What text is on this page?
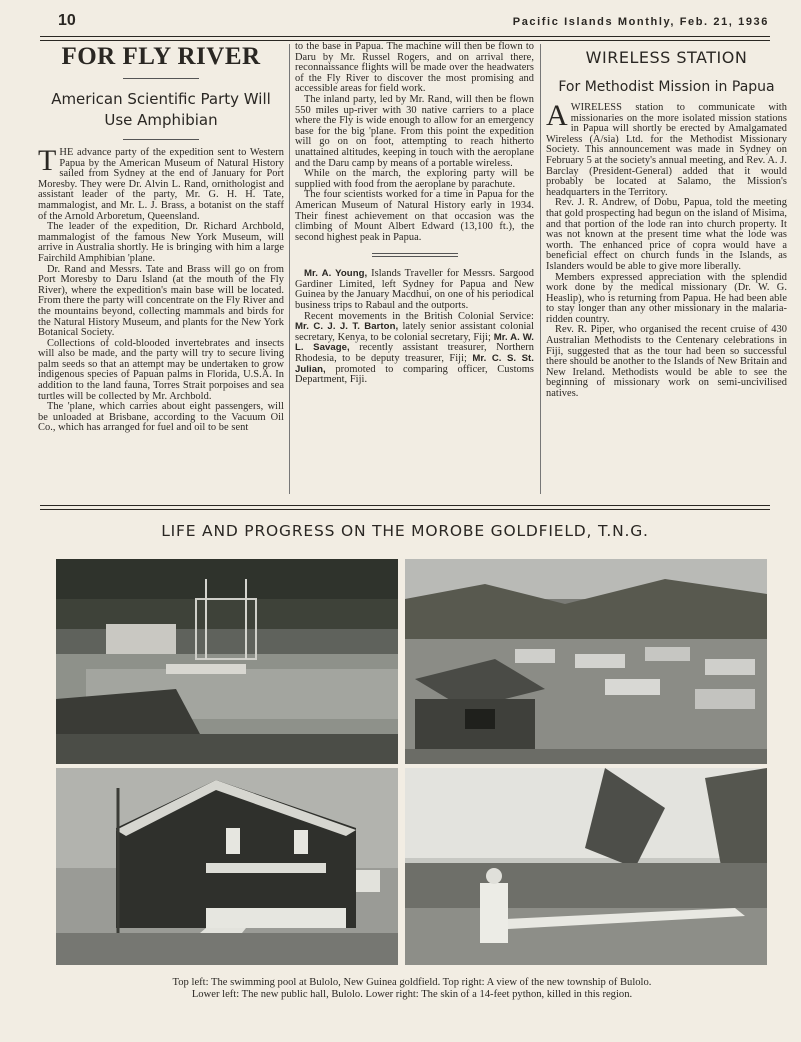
10	Pacific Islands Monthly, Feb. 21, 1936
FOR FLY RIVER
American Scientific Party Will Use Amphibian

THE advance party of the expedition sent to Western Papua by the American Museum of Natural History sailed from Sydney at the end of January for Port Moresby. They were Dr. Alvin L. Rand, ornithologist and assistant leader of the party, Mr. G. H. H. Tate, mammalogist, and Mr. L. J. Brass, a botanist on the staff of the Arnold Arboretum, Queensland.

The leader of the expedition, Dr. Richard Archbold, mammalogist of the famous New York Museum, will arrive in Australia shortly. He is bringing with him a large Fairchild Amphibian 'plane.

Dr. Rand and Messrs. Tate and Brass will go on from Port Moresby to Daru Island (at the mouth of the Fly River), where the expedition's main base will be located. From there the party will concentrate on the Fly River and the mountains beyond, collecting mammals and birds for the Natural History Museum, and plants for the New York Botanical Society.

Collections of cold-blooded invertebrates and insects will also be made, and the party will try to secure living palm seeds so that an attempt may be undertaken to grow indigenous species of Papuan palms in Florida, U.S.A. In addition to the land fauna, Torres Strait porpoises and sea turtles will be collected by Mr. Archbold.

The 'plane, which carries about eight passengers, will be unloaded at Brisbane, according to the Vacuum Oil Co., which has arranged for fuel and oil to be sent

to the base in Papua. The machine will then be flown to Daru by Mr. Russel Rogers, and on arrival there, reconnaissance flights will be made over the headwaters of the Fly River to discover the most promising and accessible areas for field work.

The inland party, led by Mr. Rand, will then be flown 550 miles up-river with 30 native carriers to a place where the Fly is wide enough to allow for an emergency base for the big 'plane. From this point the expedition will go on on foot, attempting to reach hitherto unattained altitudes, keeping in touch with the aeroplane and the Daru camp by means of a portable wireless.

While on the march, the exploring party will be supplied with food from the aeroplane by parachute.

The four scientists worked for a time in Papua for the American Museum of Natural History early in 1934. Their finest achievement on that occasion was the climbing of Mount Albert Edward (13,100 ft.), the second highest peak in Papua.

Mr. A. Young, Islands Traveller for Messrs. Sargood Gardiner Limited, left Sydney for Papua and New Guinea by the January Macdhui, on one of his periodical business trips to Rabaul and the outports.

Recent movements in the British Colonial Service: Mr. C. J. J. T. Barton, lately senior assistant colonial secretary, Kenya, to be colonial secretary, Fiji; Mr. A. W. L. Savage, recently assistant treasurer, Northern Rhodesia, to be deputy treasurer, Fiji; Mr. C. S. St. Julian, promoted to comparing officer, Customs Department, Fiji.

WIRELESS STATION
For Methodist Mission in Papua

A WIRELESS station to communicate with missionaries on the more isolated mission stations in Papua will shortly be erected by Amalgamated Wireless (A/sia) Ltd. for the Methodist Missionary Society. This announcement was made in Sydney on February 5 at the society's annual meeting, and Rev. A. J. Barclay (President-General) added that it would probably be located at Salamo, the Mission's headquarters in the Territory.

Rev. J. R. Andrew, of Dobu, Papua, told the meeting that gold prospecting had begun on the island of Misima, and that portion of the lode ran into church property. It was not known at the present time what the lode was worth. The enhanced price of copra would have a beneficial effect on church funds in the Islands, as Islanders would be able to give more liberally.

Members expressed appreciation with the splendid work done by the medical missionary (Dr. W. G. Heaslip), who is returning from Papua. He had been able to stay longer than any other missionary in the malaria-ridden country.

Rev. R. Piper, who organised the recent cruise of 430 Australian Methodists to the Centenary celebrations in Fiji, suggested that as the tour had been so successful there should be another to the Islands of New Britain and New Ireland. Methodists would be able to see the beginning of missionary work on semi-uncivilised natives.

LIFE AND PROGRESS ON THE MOROBE GOLDFIELD, T.N.G.
Top left: The swimming pool at Bulolo, New Guinea goldfield. Top right: A view of the new township of Bulolo.
Lower left: The new public hall, Bulolo. Lower right: The skin of a 14-feet python, killed in this region.
